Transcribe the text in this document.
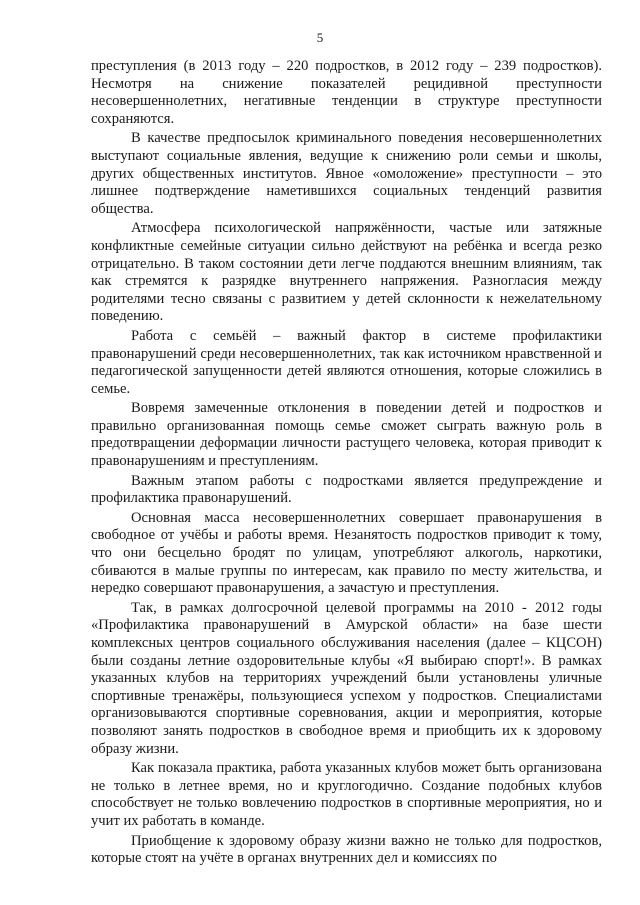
5

преступления (в 2013 году – 220 подростков, в 2012 году – 239 подростков). Несмотря на снижение показателей рецидивной преступности несовершеннолетних, негативные тенденции в структуре преступности сохраняются.

В качестве предпосылок криминального поведения несовершеннолетних выступают социальные явления, ведущие к снижению роли семьи и школы, других общественных институтов. Явное «омоложение» преступности – это лишнее подтверждение наметившихся социальных тенденций развития общества.

Атмосфера психологической напряжённости, частые или затяжные конфликтные семейные ситуации сильно действуют на ребёнка и всегда резко отрицательно. В таком состоянии дети легче поддаются внешним влияниям, так как стремятся к разрядке внутреннего напряжения. Разногласия между родителями тесно связаны с развитием у детей склонности к нежелательному поведению.

Работа с семьёй – важный фактор в системе профилактики правонарушений среди несовершеннолетних, так как источником нравственной и педагогической запущенности детей являются отношения, которые сложились в семье.

Вовремя замеченные отклонения в поведении детей и подростков и правильно организованная помощь семье сможет сыграть важную роль в предотвращении деформации личности растущего человека, которая приводит к правонарушениям и преступлениям.

Важным этапом работы с подростками является предупреждение и профилактика правонарушений.

Основная масса несовершеннолетних совершает правонарушения в свободное от учёбы и работы время. Незанятость подростков приводит к тому, что они бесцельно бродят по улицам, употребляют алкоголь, наркотики, сбиваются в малые группы по интересам, как правило по месту жительства, и нередко совершают правонарушения, а зачастую и преступления.

Так, в рамках долгосрочной целевой программы на 2010 - 2012 годы «Профилактика правонарушений в Амурской области» на базе шести комплексных центров социального обслуживания населения (далее – КЦСОН) были созданы летние оздоровительные клубы «Я выбираю спорт!». В рамках указанных клубов на территориях учреждений были установлены уличные спортивные тренажёры, пользующиеся успехом у подростков. Специалистами организовываются спортивные соревнования, акции и мероприятия, которые позволяют занять подростков в свободное время и приобщить их к здоровому образу жизни.

Как показала практика, работа указанных клубов может быть организована не только в летнее время, но и круглогодично. Создание подобных клубов способствует не только вовлечению подростков в спортивные мероприятия, но и учит их работать в команде.

Приобщение к здоровому образу жизни важно не только для подростков, которые стоят на учёте в органах внутренних дел и комиссиях по
